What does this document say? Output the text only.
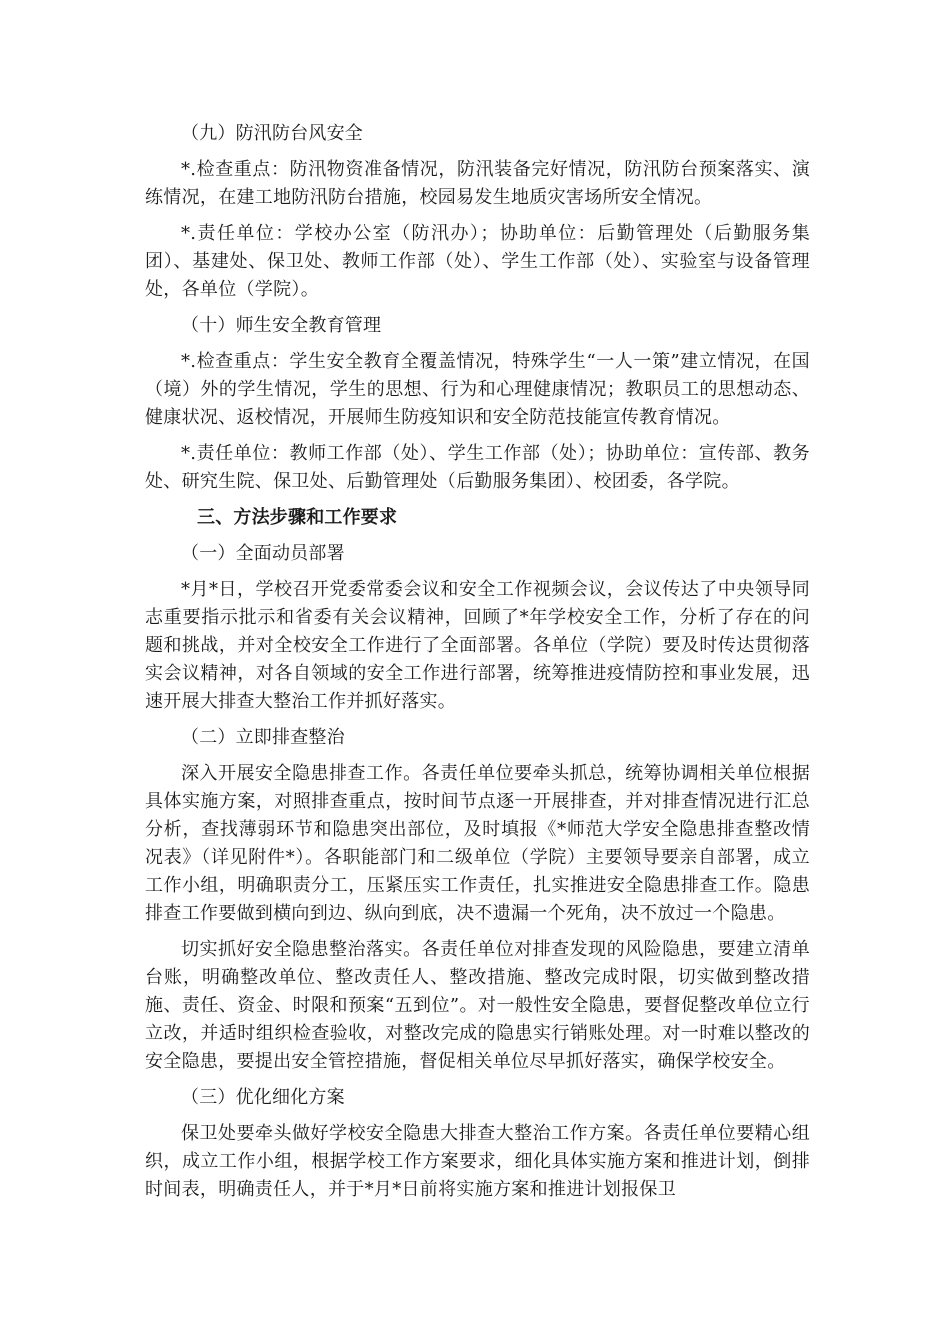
（九）防汛防台风安全

*.检查重点：防汛物资准备情况，防汛装备完好情况，防汛防台预案落实、演练情况，在建工地防汛防台措施，校园易发生地质灾害场所安全情况。

*.责任单位：学校办公室（防汛办）；协助单位：后勤管理处（后勤服务集团）、基建处、保卫处、教师工作部（处）、学生工作部（处）、实验室与设备管理处，各单位（学院）。

（十）师生安全教育管理

*.检查重点：学生安全教育全覆盖情况，特殊学生“一人一策”建立情况，在国（境）外的学生情况，学生的思想、行为和心理健康情况；教职员工的思想动态、健康状况、返校情况，开展师生防疫知识和安全防范技能宣传教育情况。

*.责任单位：教师工作部（处）、学生工作部（处）；协助单位：宣传部、教务处、研究生院、保卫处、后勤管理处（后勤服务集团）、校团委，各学院。

三、方法步骤和工作要求

（一）全面动员部署

*月*日，学校召开党委常委会议和安全工作视频会议，会议传达了中央领导同志重要指示批示和省委有关会议精神，回顾了*年学校安全工作，分析了存在的问题和挑战，并对全校安全工作进行了全面部署。各单位（学院）要及时传达贯彻落实会议精神，对各自领域的安全工作进行部署，统筹推进疫情防控和事业发展，迅速开展大排查大整治工作并抓好落实。

（二）立即排查整治

深入开展安全隐患排查工作。各责任单位要牵头抓总，统筹协调相关单位根据具体实施方案，对照排查重点，按时间节点逐一开展排查，并对排查情况进行汇总分析，查找薄弱环节和隐患突出部位，及时填报《*师范大学安全隐患排查整改情况表》（详见附件*）。各职能部门和二级单位（学院）主要领导要亲自部署，成立工作小组，明确职责分工，压紧压实工作责任，扎实推进安全隐患排查工作。隐患排查工作要做到横向到边、纵向到底，决不遗漏一个死角，决不放过一个隐患。

切实抓好安全隐患整治落实。各责任单位对排查发现的风险隐患，要建立清单台账，明确整改单位、整改责任人、整改措施、整改完成时限，切实做到整改措施、责任、资金、时限和预案“五到位”。对一般性安全隐患，要督促整改单位立行立改，并适时组织检查验收，对整改完成的隐患实行销账处理。对一时难以整改的安全隐患，要提出安全管控措施，督促相关单位尽早抓好落实，确保学校安全。

（三）优化细化方案

保卫处要牵头做好学校安全隐患大排查大整治工作方案。各责任单位要精心组织，成立工作小组，根据学校工作方案要求，细化具体实施方案和推进计划，倒排时间表，明确责任人，并于*月*日前将实施方案和推进计划报保卫
